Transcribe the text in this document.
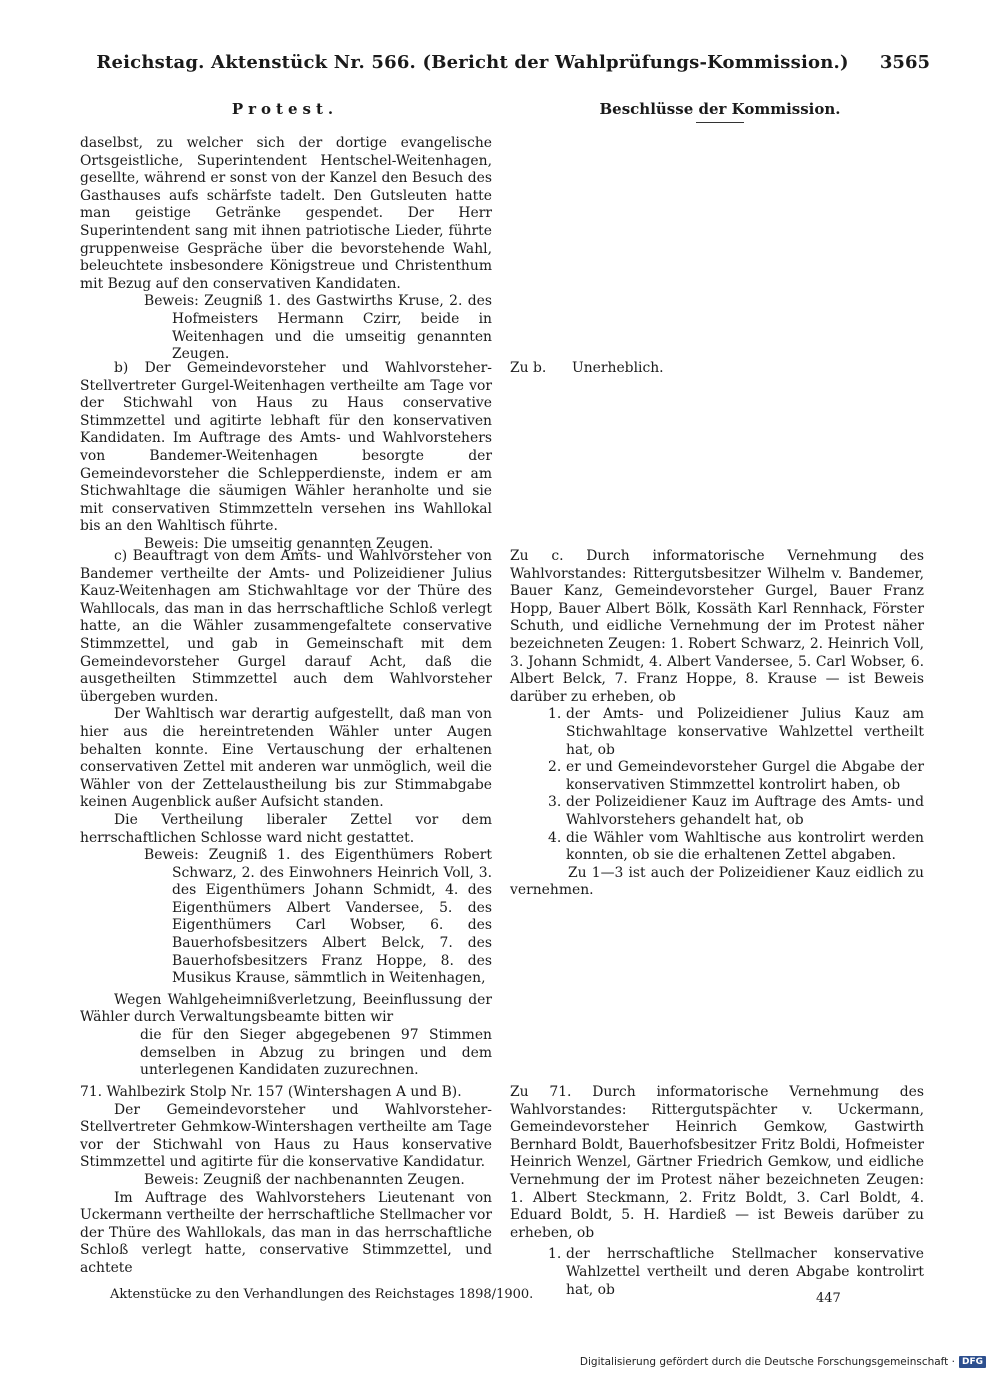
Reichstag. Aktenstück Nr. 566. (Bericht der Wahlprüfungs-Kommission.)	3565
Protest.	Beschlüsse der Kommission.

daselbst, zu welcher sich der dortige evangelische Ortsgeistliche, Superintendent Hentschel-Weitenhagen, gesellte, während er sonst von der Kanzel den Besuch des Gasthauses aufs schärfste tadelt. Den Gutsleuten hatte man geistige Getränke gespendet. Der Herr Superintendent sang mit ihnen patriotische Lieder, führte gruppenweise Gespräche über die bevorstehende Wahl, beleuchtete insbesondere Königstreue und Christenthum mit Bezug auf den conservativen Kandidaten.

Beweis: Zeugniß 1. des Gastwirths Kruse, 2. des Hofmeisters Hermann Czirr, beide in Weitenhagen und die umseitig genannten Zeugen.

b) Der Gemeindevorsteher und Wahlvorsteher-Stellvertreter Gurgel-Weitenhagen vertheilte am Tage vor der Stichwahl von Haus zu Haus conservative Stimmzettel und agitirte lebhaft für den konservativen Kandidaten. Im Auftrage des Amts- und Wahlvorstehers von Bandemer-Weitenhagen besorgte der Gemeindevorsteher die Schlepperdienste, indem er am Stichwahltage die säumigen Wähler heranholte und sie mit conservativen Stimmzetteln versehen ins Wahllokal bis an den Wahltisch führte.

Beweis: Die umseitig genannten Zeugen.

c) Beauftragt von dem Amts- und Wahlvorsteher von Bandemer vertheilte der Amts- und Polizeidiener Julius Kauz-Weitenhagen am Stichwahltage vor der Thüre des Wahllocals, das man in das herrschaftliche Schloß verlegt hatte, an die Wähler zusammengefaltete conservative Stimmzettel, und gab in Gemeinschaft mit dem Gemeindevorsteher Gurgel darauf Acht, daß die ausgetheilten Stimmzettel auch dem Wahlvorsteher übergeben wurden.

Der Wahltisch war derartig aufgestellt, daß man von hier aus die hereintretenden Wähler unter Augen behalten konnte. Eine Vertauschung der erhaltenen conservativen Zettel mit anderen war unmöglich, weil die Wähler von der Zettelaustheilung bis zur Stimmabgabe keinen Augenblick außer Aufsicht standen.

Die Vertheilung liberaler Zettel vor dem herrschaftlichen Schlosse ward nicht gestattet.

Beweis: Zeugniß 1. des Eigenthümers Robert Schwarz, 2. des Einwohners Heinrich Voll, 3. des Eigenthümers Johann Schmidt, 4. des Eigenthümers Albert Vandersee, 5. des Eigenthümers Carl Wobser, 6. des Bauerhofsbesitzers Albert Belck, 7. des Bauerhofsbesitzers Franz Hoppe, 8. des Musikus Krause, sämmtlich in Weitenhagen,

Wegen Wahlgeheimnißverletzung, Beeinflussung der Wähler durch Verwaltungsbeamte bitten wir

die für den Sieger abgegebenen 97 Stimmen demselben in Abzug zu bringen und dem unterlegenen Kandidaten zuzurechnen.

71. Wahlbezirk Stolp Nr. 157 (Wintershagen A und B).

Der Gemeindevorsteher und Wahlvorsteher-Stellvertreter Gehmkow-Wintershagen vertheilte am Tage vor der Stichwahl von Haus zu Haus konservative Stimmzettel und agitirte für die konservative Kandidatur.

Beweis: Zeugniß der nachbenannten Zeugen.

Im Auftrage des Wahlvorstehers Lieutenant von Uckermann vertheilte der herrschaftliche Stellmacher vor der Thüre des Wahllokals, das man in das herrschaftliche Schloß verlegt hatte, conservative Stimmzettel, und achtete

Zu b. Unerheblich.

Zu c. Durch informatorische Vernehmung des Wahlvorstandes: Rittergutsbesitzer Wilhelm v. Bandemer, Bauer Kanz, Gemeindevorsteher Gurgel, Bauer Franz Hopp, Bauer Albert Bölk, Kossäth Karl Rennhack, Förster Schuth, und eidliche Vernehmung der im Protest näher bezeichneten Zeugen: 1. Robert Schwarz, 2. Heinrich Voll, 3. Johann Schmidt, 4. Albert Vandersee, 5. Carl Wobser, 6. Albert Belck, 7. Franz Hoppe, 8. Krause — ist Beweis darüber zu erheben, ob

1. der Amts- und Polizeidiener Julius Kauz am Stichwahltage konservative Wahlzettel vertheilt hat, ob
2. er und Gemeindevorsteher Gurgel die Abgabe der konservativen Stimmzettel kontrolirt haben, ob
3. der Polizeidiener Kauz im Auftrage des Amts- und Wahlvorstehers gehandelt hat, ob
4. die Wähler vom Wahltische aus kontrolirt werden konnten, ob sie die erhaltenen Zettel abgaben.

Zu 1—3 ist auch der Polizeidiener Kauz eidlich zu vernehmen.

Zu 71. Durch informatorische Vernehmung des Wahlvorstandes: Rittergutspächter v. Uckermann, Gemeindevorsteher Heinrich Gemkow, Gastwirth Bernhard Boldt, Bauerhofsbesitzer Fritz Boldi, Hofmeister Heinrich Wenzel, Gärtner Friedrich Gemkow, und eidliche Vernehmung der im Protest näher bezeichneten Zeugen: 1. Albert Steckmann, 2. Fritz Boldt, 3. Carl Boldt, 4. Eduard Boldt, 5. H. Hardieß — ist Beweis darüber zu erheben, ob

1. der herrschaftliche Stellmacher konservative Wahlzettel vertheilt und deren Abgabe kontrolirt hat, ob
Aktenstücke zu den Verhandlungen des Reichstages 1898/1900.	447
Digitalisierung gefördert durch die Deutsche Forschungsgemeinschaft · DFG
